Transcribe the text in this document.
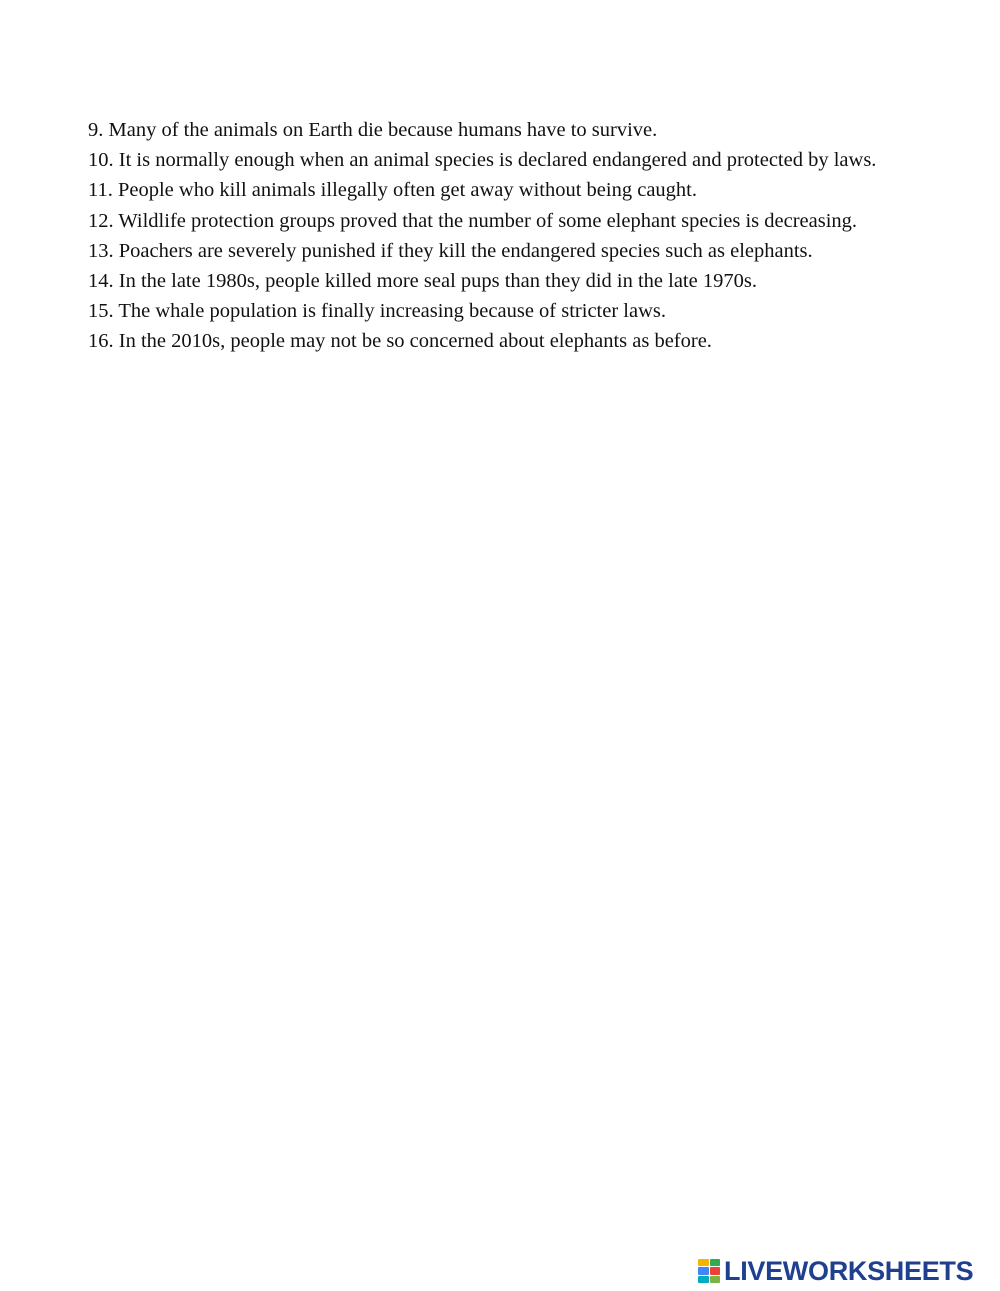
9. Many of the animals on Earth die because humans have to survive.
10. It is normally enough when an animal species is declared endangered and protected by laws.
11. People who kill animals illegally often get away without being caught.
12. Wildlife protection groups proved that the number of some elephant species is decreasing.
13. Poachers are severely punished if they kill the endangered species such as elephants.
14. In the late 1980s, people killed more seal pups than they did in the late 1970s.
15. The whale population is finally increasing because of stricter laws.
16. In the 2010s, people may not be so concerned about elephants as before.
LIVEWORKSHEETS
